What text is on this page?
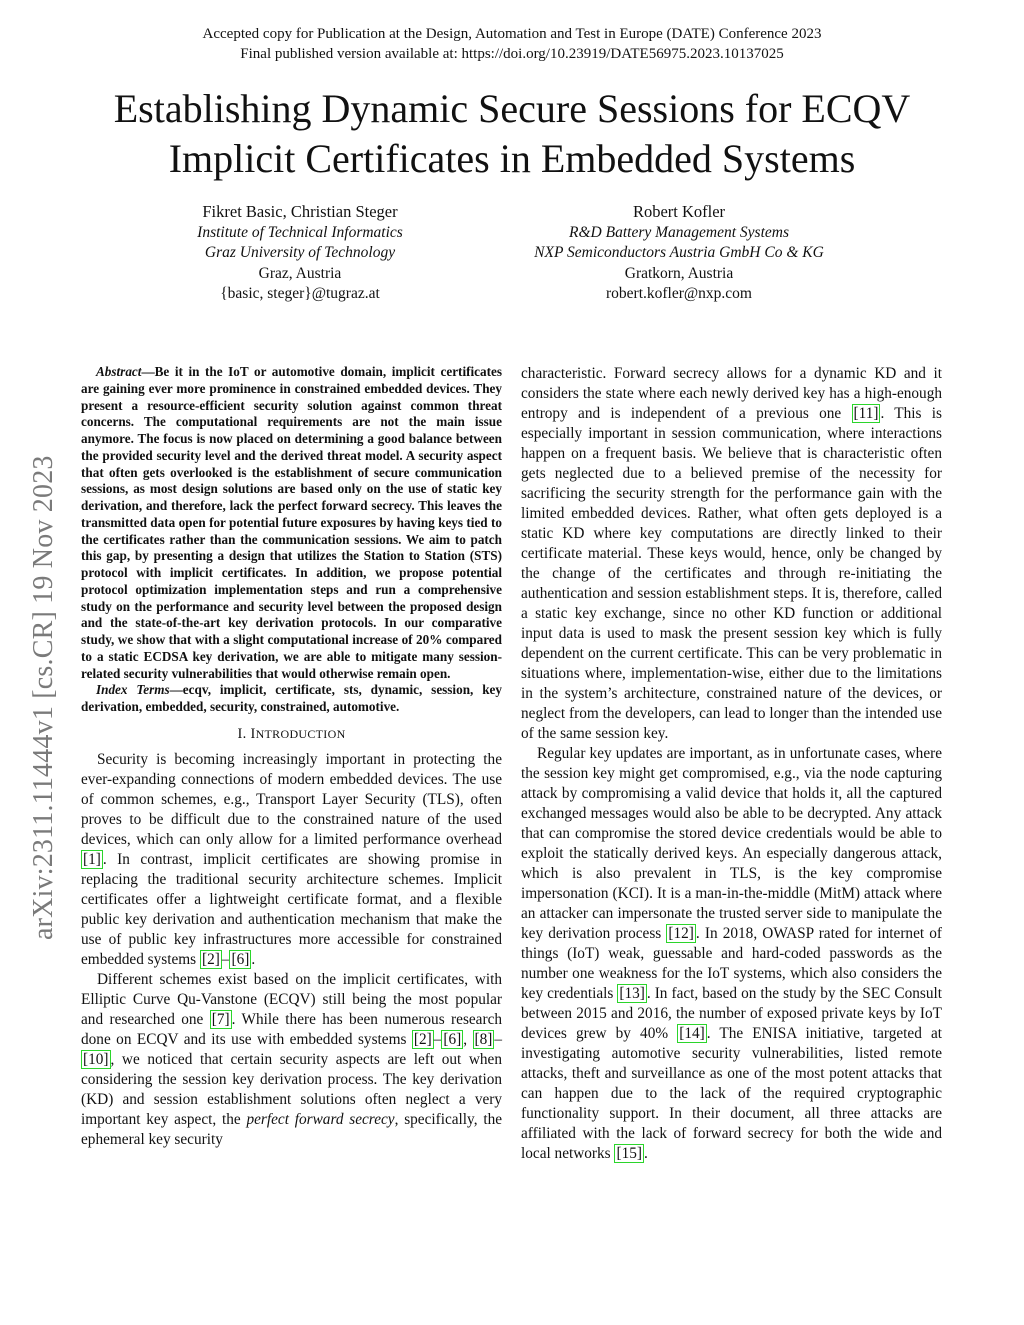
Accepted copy for Publication at the Design, Automation and Test in Europe (DATE) Conference 2023
Final published version available at: https://doi.org/10.23919/DATE56975.2023.10137025
Establishing Dynamic Secure Sessions for ECQV
Implicit Certificates in Embedded Systems
Fikret Basic, Christian Steger
Institute of Technical Informatics
Graz University of Technology
Graz, Austria
{basic, steger}@tugraz.at
Robert Kofler
R&D Battery Management Systems
NXP Semiconductors Austria GmbH Co & KG
Gratkorn, Austria
robert.kofler@nxp.com
arXiv:2311.11444v1 [cs.CR] 19 Nov 2023

Abstract—Be it in the IoT or automotive domain, implicit certificates are gaining ever more prominence in constrained embedded devices. They present a resource-efficient security solution against common threat concerns. The computational requirements are not the main issue anymore. The focus is now placed on determining a good balance between the provided security level and the derived threat model. A security aspect that often gets overlooked is the establishment of secure communication sessions, as most design solutions are based only on the use of static key derivation, and therefore, lack the perfect forward secrecy. This leaves the transmitted data open for potential future exposures by having keys tied to the certificates rather than the communication sessions. We aim to patch this gap, by presenting a design that utilizes the Station to Station (STS) protocol with implicit certificates. In addition, we propose potential protocol optimization implementation steps and run a comprehensive study on the performance and security level between the proposed design and the state-of-the-art key derivation protocols. In our comparative study, we show that with a slight computational increase of 20% compared to a static ECDSA key derivation, we are able to mitigate many session-related security vulnerabilities that would otherwise remain open.

Index Terms—ecqv, implicit, certificate, sts, dynamic, session, key derivation, embedded, security, constrained, automotive.

I. INTRODUCTION

Security is becoming increasingly important in protecting the ever-expanding connections of modern embedded devices. The use of common schemes, e.g., Transport Layer Security (TLS), often proves to be difficult due to the constrained nature of the used devices, which can only allow for a limited performance overhead [1] . In contrast, implicit certificates are showing promise in replacing the traditional security architecture schemes. Implicit certificates offer a lightweight certificate format, and a flexible public key derivation and authentication mechanism that make the use of public key infrastructures more accessible for constrained embedded systems [2] – [6] .

Different schemes exist based on the implicit certificates, with Elliptic Curve Qu-Vanstone (ECQV) still being the most popular and researched one [7] . While there has been numerous research done on ECQV and its use with embedded systems [2] – [6] , [8] –[10] , we noticed that certain security aspects are left out when considering the session key derivation process. The key derivation (KD) and session establishment solutions often neglect a very important key aspect, the perfect forward secrecy, specifically, the ephemeral key security

characteristic. Forward secrecy allows for a dynamic KD and it considers the state where each newly derived key has a high-enough entropy and is independent of a previous one [11] . This is especially important in session communication, where interactions happen on a frequent basis. We believe that is characteristic often gets neglected due to a believed premise of the necessity for sacrificing the security strength for the performance gain with the limited embedded devices. Rather, what often gets deployed is a static KD where key computations are directly linked to their certificate material. These keys would, hence, only be changed by the change of the certificates and through re-initiating the authentication and session establishment steps. It is, therefore, called a static key exchange, since no other KD function or additional input data is used to mask the present session key which is fully dependent on the current certificate. This can be very problematic in situations where, implementation-wise, either due to the limitations in the system’s architecture, constrained nature of the devices, or neglect from the developers, can lead to longer than the intended use of the same session key.

Regular key updates are important, as in unfortunate cases, where the session key might get compromised, e.g., via the node capturing attack by compromising a valid device that holds it, all the captured exchanged messages would also be able to be decrypted. Any attack that can compromise the stored device credentials would be able to exploit the statically derived keys. An especially dangerous attack, which is also prevalent in TLS, is the key compromise impersonation (KCI). It is a man-in-the-middle (MitM) attack where an attacker can impersonate the trusted server side to manipulate the key derivation process [12] . In 2018, OWASP rated for internet of things (IoT) weak, guessable and hard-coded passwords as the number one weakness for the IoT systems, which also considers the key credentials [13] . In fact, based on the study by the SEC Consult between 2015 and 2016, the number of exposed private keys by IoT devices grew by 40% [14] . The ENISA initiative, targeted at investigating automotive security vulnerabilities, listed remote attacks, theft and surveillance as one of the most potent attacks that can happen due to the lack of the required cryptographic functionality support. In their document, all three attacks are affiliated with the lack of forward secrecy for both the wide and local networks [15] .
